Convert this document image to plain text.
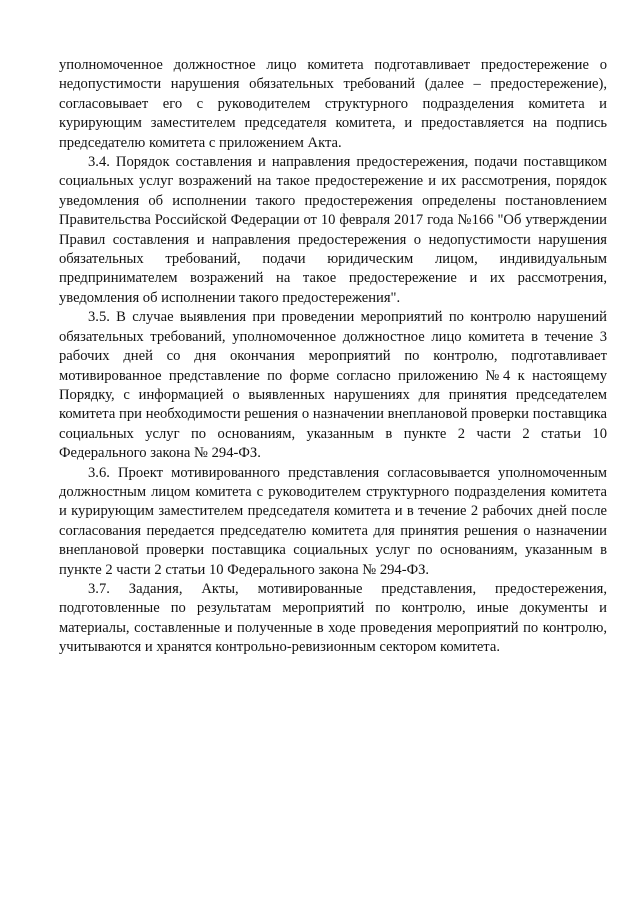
уполномоченное должностное лицо комитета подготавливает предостережение о недопустимости нарушения обязательных требований (далее – предостережение), согласовывает его с руководителем структурного подразделения комитета и курирующим заместителем председателя комитета, и предоставляется на подпись председателю комитета с приложением Акта.

3.4. Порядок составления и направления предостережения, подачи поставщиком социальных услуг возражений на такое предостережение и их рассмотрения, порядок уведомления об исполнении такого предостережения определены постановлением Правительства Российской Федерации от 10 февраля 2017 года №166 "Об утверждении Правил составления и направления предостережения о недопустимости нарушения обязательных требований, подачи юридическим лицом, индивидуальным предпринимателем возражений на такое предостережение и их рассмотрения, уведомления об исполнении такого предостережения".

3.5. В случае выявления при проведении мероприятий по контролю нарушений обязательных требований, уполномоченное должностное лицо комитета в течение 3 рабочих дней со дня окончания мероприятий по контролю, подготавливает мотивированное представление по форме согласно приложению №4 к настоящему Порядку, с информацией о выявленных нарушениях для принятия председателем комитета при необходимости решения о назначении внеплановой проверки поставщика социальных услуг по основаниям, указанным в пункте 2 части 2 статьи 10 Федерального закона № 294-ФЗ.

3.6. Проект мотивированного представления согласовывается уполномоченным должностным лицом комитета с руководителем структурного подразделения комитета и курирующим заместителем председателя комитета и в течение 2 рабочих дней после согласования передается председателю комитета для принятия решения о назначении внеплановой проверки поставщика социальных услуг по основаниям, указанным в пункте 2 части 2 статьи 10 Федерального закона № 294-ФЗ.

3.7. Задания, Акты, мотивированные представления, предостережения, подготовленные по результатам мероприятий по контролю, иные документы и материалы, составленные и полученные в ходе проведения мероприятий по контролю, учитываются и хранятся контрольно-ревизионным сектором комитета.
